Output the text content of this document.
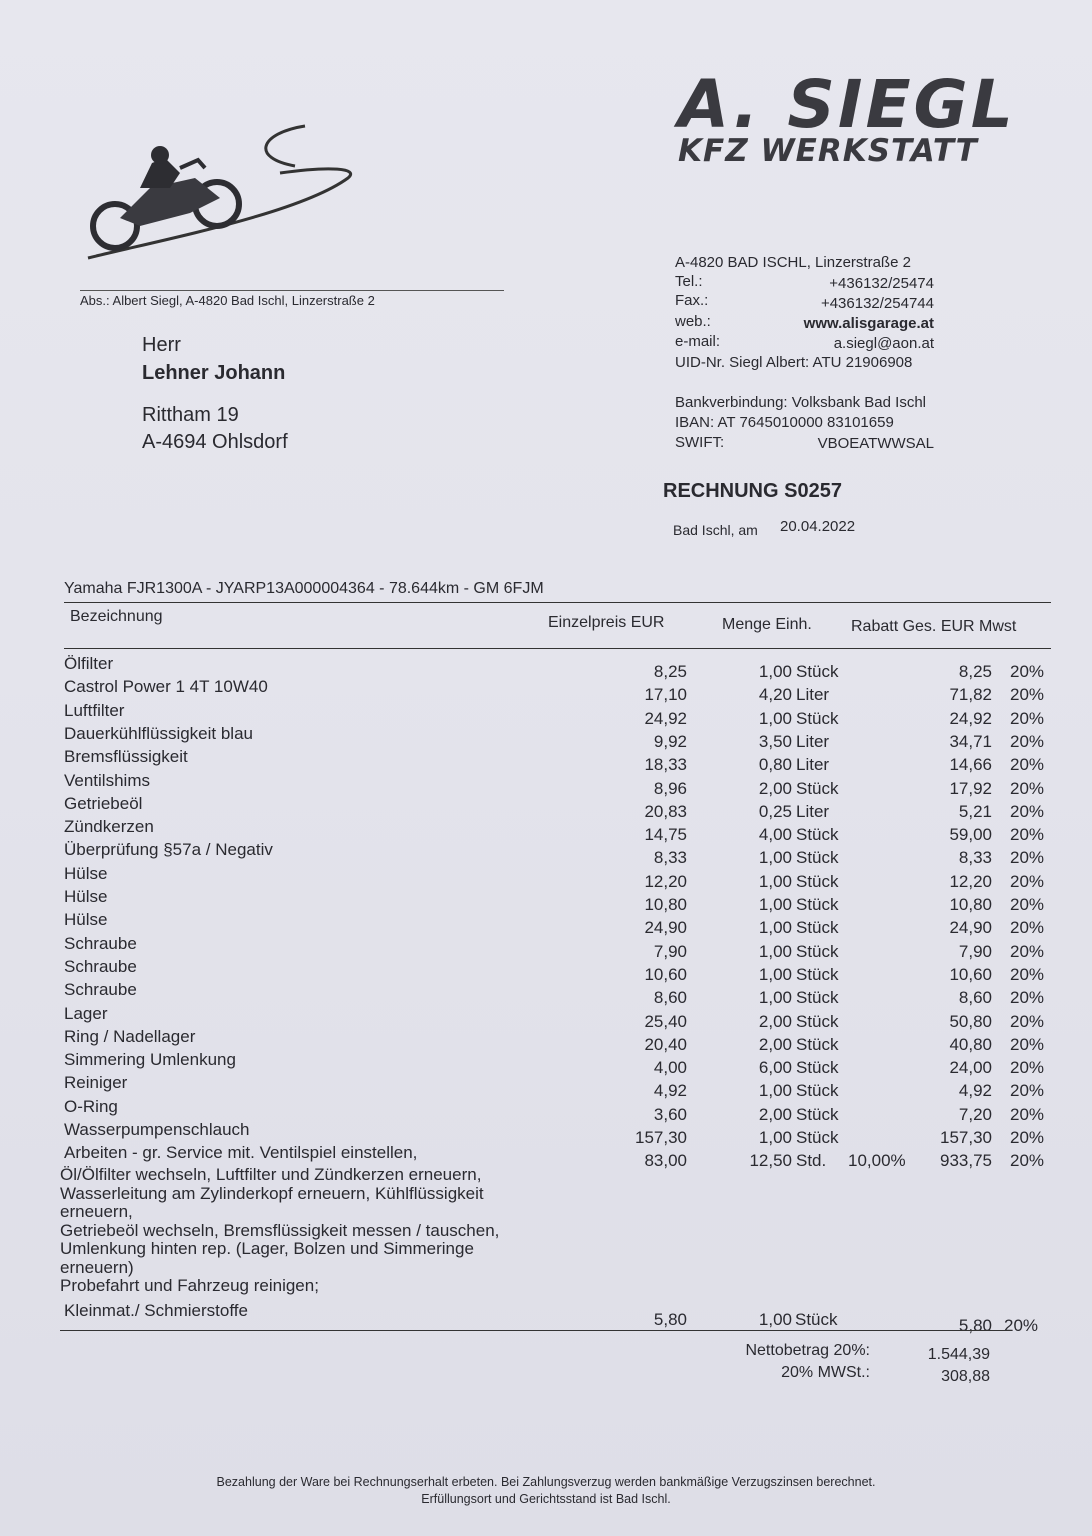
A. SIEGL
KFZ WERKSTATT
Abs.: Albert Siegl, A-4820 Bad Ischl, Linzerstraße 2
Herr
Lehner Johann
Rittham 19
A-4694 Ohlsdorf
A-4820 BAD ISCHL, Linzerstraße 2
Tel.:	+436132/25474
Fax.:	+436132/254744
web.:	www.alisgarage.at
e-mail:	a.siegl@aon.at
UID-Nr. Siegl Albert: ATU 21906908
Bankverbindung: Volksbank Bad Ischl
IBAN: AT 7645010000 83101659
SWIFT:	VBOEATWWSAL
RECHNUNG S0257
Bad Ischl, am 20.04.2022
Yamaha FJR1300A - JYARP13A000004364 - 78.644km - GM 6FJM
Bezeichnung	Einzelpreis EUR	Menge Einh. Rabatt Ges. EUR Mwst
Ölfilter	8,25	1,00 Stück	8,25 20%
Castrol Power 1 4T 10W40	17,10	4,20 Liter	71,82 20%
Luftfilter	24,92	1,00 Stück	24,92 20%
Dauerkühlflüssigkeit blau	9,92	3,50 Liter	34,71 20%
Bremsflüssigkeit	18,33	0,80 Liter	14,66 20%
Ventilshims	8,96	2,00 Stück	17,92 20%
Getriebeöl	20,83	0,25 Liter	5,21 20%
Zündkerzen	14,75	4,00 Stück	59,00 20%
Überprüfung §57a / Negativ	8,33	1,00 Stück	8,33 20%
Hülse	12,20	1,00 Stück	12,20 20%
Hülse	10,80	1,00 Stück	10,80 20%
Hülse	24,90	1,00 Stück	24,90 20%
Schraube	7,90	1,00 Stück	7,90 20%
Schraube	10,60	1,00 Stück	10,60 20%
Schraube	8,60	1,00 Stück	8,60 20%
Lager	25,40	2,00 Stück	50,80 20%
Ring / Nadellager	20,40	2,00 Stück	40,80 20%
Simmering Umlenkung	4,00	6,00 Stück	24,00 20%
Reiniger	4,92	1,00 Stück	4,92 20%
O-Ring	3,60	2,00 Stück	7,20 20%
Wasserpumpenschlauch	157,30	1,00 Stück	157,30 20%
Arbeiten - gr. Service mit. Ventilspiel einstellen,	83,00	12,50 Std. 10,00% 933,75 20%
Öl/Ölfilter wechseln, Luftfilter und Zündkerzen erneuern,
Wasserleitung am Zylinderkopf erneuern, Kühlflüssigkeit
erneuern,
Getriebeöl wechseln, Bremsflüssigkeit messen / tauschen,
Umlenkung hinten rep. (Lager, Bolzen und Simmeringe
erneuern)
Probefahrt und Fahrzeug reinigen;
Kleinmat./ Schmierstoffe	5,80	1,00 Stück	5,80 20%
Nettobetrag 20%:	1.544,39
20% MWSt.:	308,88
Bezahlung der Ware bei Rechnungserhalt erbeten. Bei Zahlungsverzug werden bankmäßige Verzugszinsen berechnet.
Erfüllungsort und Gerichtsstand ist Bad Ischl.
